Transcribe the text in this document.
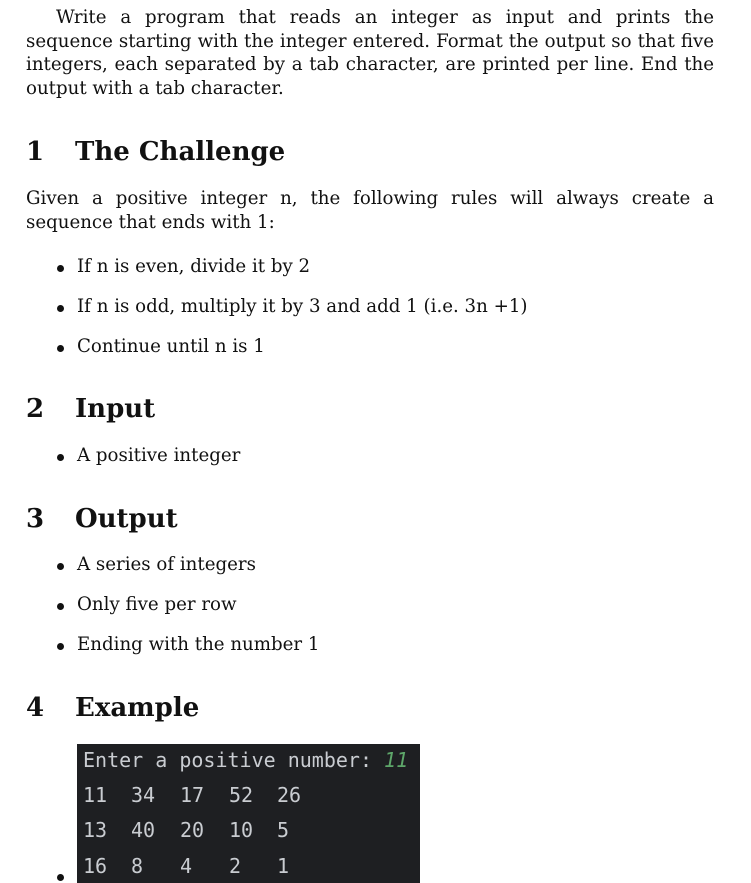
Write a program that reads an integer as input and prints the sequence starting with the integer entered. Format the output so that five integers, each separated by a tab character, are printed per line. End the output with a tab character.

1 The Challenge

Given a positive integer n, the following rules will always create a sequence that ends with 1:

If n is even, divide it by 2
If n is odd, multiply it by 3 and add 1 (i.e. 3n +1)
Continue until n is 1
2 Input
A positive integer
3 Output
A series of integers
Only five per row
Ending with the number 1
4 Example
Enter a positive number: 11

11

34

17

52

26

13

40

20

10

5

16

8

4

2

1
